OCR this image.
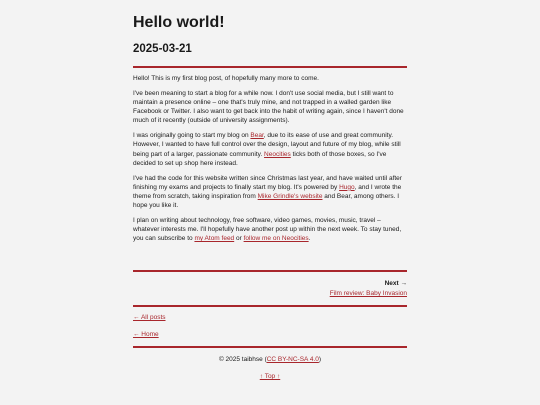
Hello world!

2025-03-21

Hello! This is my first blog post, of hopefully many more to come.

I've been meaning to start a blog for a while now. I don't use social media, but I still want to maintain a presence online – one that's truly mine, and not trapped in a walled garden like Facebook or Twitter. I also want to get back into the habit of writing again, since I haven't done much of it recently (outside of university assignments).

I was originally going to start my blog on Bear, due to its ease of use and great community. However, I wanted to have full control over the design, layout and future of my blog, while still being part of a larger, passionate community. Neocities ticks both of those boxes, so I've decided to set up shop here instead.

I've had the code for this website written since Christmas last year, and have waited until after finishing my exams and projects to finally start my blog. It's powered by Hugo, and I wrote the theme from scratch, taking inspiration from Mike Grindle's website and Bear, among others. I hope you like it.

I plan on writing about technology, free software, video games, movies, music, travel – whatever interests me. I'll hopefully have another post up within the next week. To stay tuned, you can subscribe to my Atom feed or follow me on Neocities.

Next →
Film review: Baby Invasion
← All posts
← Home
© 2025 taibhse (CC BY-NC-SA 4.0)
↑ Top ↑
